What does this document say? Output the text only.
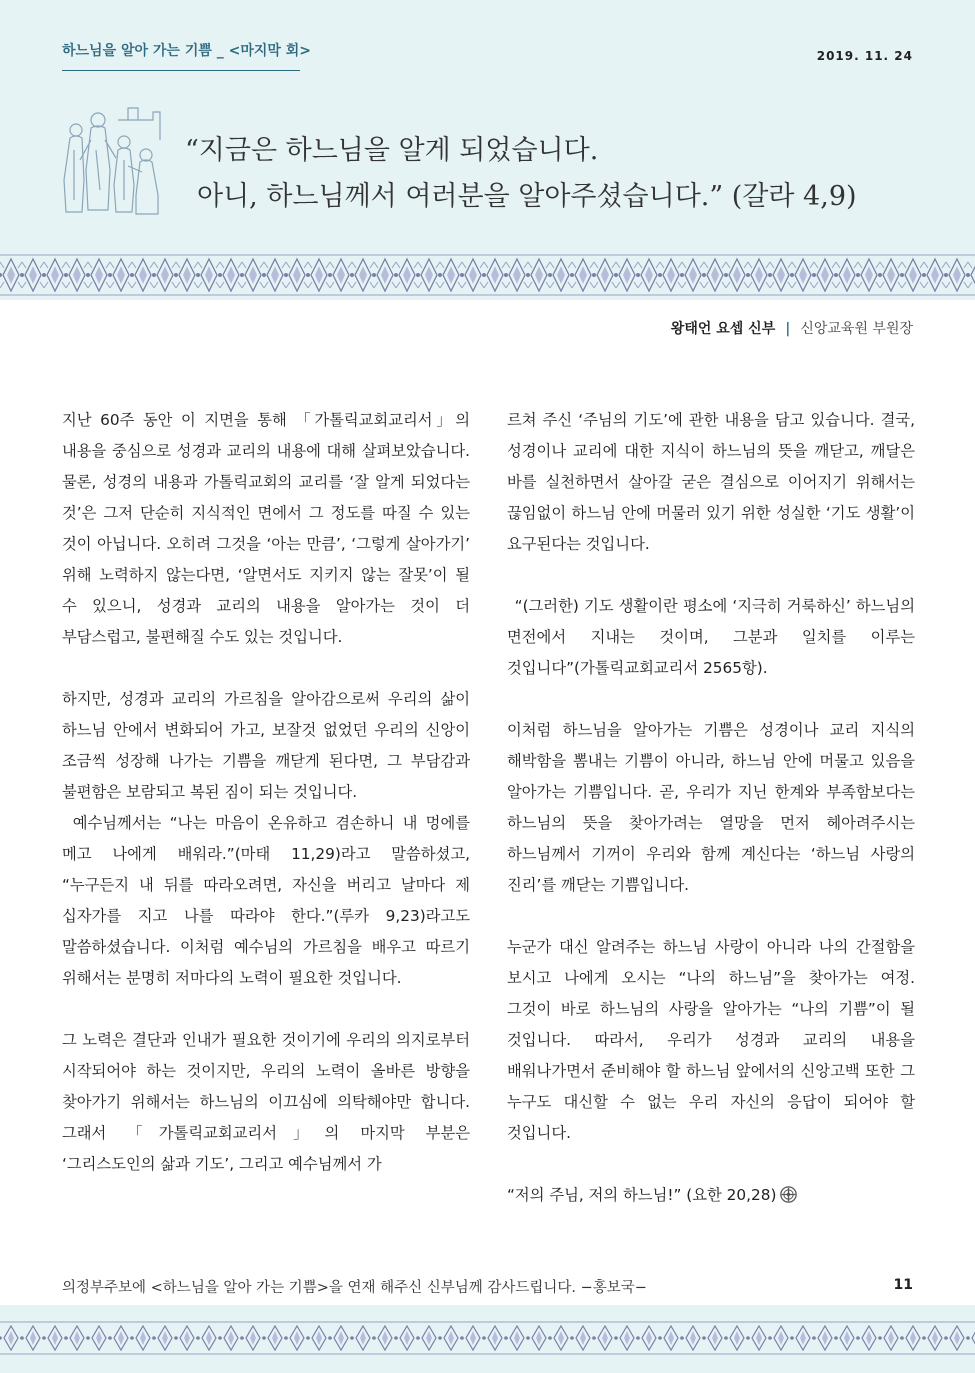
하느님을 알아 가는 기쁨 _ <마지막 회>	2019. 11. 24
“지금은 하느님을 알게 되었습니다.
아니, 하느님께서 여러분을 알아주셨습니다.” (갈라 4,9)
왕태언 요셉 신부 | 신앙교육원 부원장

지난 60주 동안 이 지면을 통해 「가톨릭교회교리서」의 내용을 중심으로 성경과 교리의 내용에 대해 살펴보았습니다. 물론, 성경의 내용과 가톨릭교회의 교리를 ‘잘 알게 되었다는 것’은 그저 단순히 지식적인 면에서 그 정도를 따질 수 있는 것이 아닙니다. 오히려 그것을 ‘아는 만큼’, ‘그렇게 살아가기’ 위해 노력하지 않는다면, ‘알면서도 지키지 않는 잘못’이 될 수 있으니, 성경과 교리의 내용을 알아가는 것이 더 부담스럽고, 불편해질 수도 있는 것입니다.

하지만, 성경과 교리의 가르침을 알아감으로써 우리의 삶이 하느님 안에서 변화되어 가고, 보잘것 없었던 우리의 신앙이 조금씩 성장해 나가는 기쁨을 깨닫게 된다면, 그 부담감과 불편함은 보람되고 복된 짐이 되는 것입니다.

예수님께서는 “나는 마음이 온유하고 겸손하니 내 멍에를 메고 나에게 배워라.”(마태 11,29)라고 말씀하셨고, “누구든지 내 뒤를 따라오려면, 자신을 버리고 날마다 제 십자가를 지고 나를 따라야 한다.”(루카 9,23)라고도 말씀하셨습니다. 이처럼 예수님의 가르침을 배우고 따르기 위해서는 분명히 저마다의 노력이 필요한 것입니다.

그 노력은 결단과 인내가 필요한 것이기에 우리의 의지로부터 시작되어야 하는 것이지만, 우리의 노력이 올바른 방향을 찾아가기 위해서는 하느님의 이끄심에 의탁해야만 합니다. 그래서 「가톨릭교회교리서」의 마지막 부분은 ‘그리스도인의 삶과 기도’, 그리고 예수님께서 가

르쳐 주신 ‘주님의 기도’에 관한 내용을 담고 있습니다. 결국, 성경이나 교리에 대한 지식이 하느님의 뜻을 깨닫고, 깨달은 바를 실천하면서 살아갈 굳은 결심으로 이어지기 위해서는 끊임없이 하느님 안에 머물러 있기 위한 성실한 ‘기도 생활’이 요구된다는 것입니다.

“(그러한) 기도 생활이란 평소에 ‘지극히 거룩하신’ 하느님의 면전에서 지내는 것이며, 그분과 일치를 이루는 것입니다”(가톨릭교회교리서 2565항).

이처럼 하느님을 알아가는 기쁨은 성경이나 교리 지식의 해박함을 뽐내는 기쁨이 아니라, 하느님 안에 머물고 있음을 알아가는 기쁨입니다. 곧, 우리가 지닌 한계와 부족함보다는 하느님의 뜻을 찾아가려는 열망을 먼저 헤아려주시는 하느님께서 기꺼이 우리와 함께 계신다는 ‘하느님 사랑의 진리’를 깨닫는 기쁨입니다.

누군가 대신 알려주는 하느님 사랑이 아니라 나의 간절함을 보시고 나에게 오시는 “나의 하느님”을 찾아가는 여정. 그것이 바로 하느님의 사랑을 알아가는 “나의 기쁨”이 될 것입니다. 따라서, 우리가 성경과 교리의 내용을 배워나가면서 준비해야 할 하느님 앞에서의 신앙고백 또한 그 누구도 대신할 수 없는 우리 자신의 응답이 되어야 할 것입니다.

“저의 주님, 저의 하느님!” (요한 20,28)

의정부주보에 <하느님을 알아 가는 기쁨>을 연재 해주신 신부님께 감사드립니다. −홍보국−	11
